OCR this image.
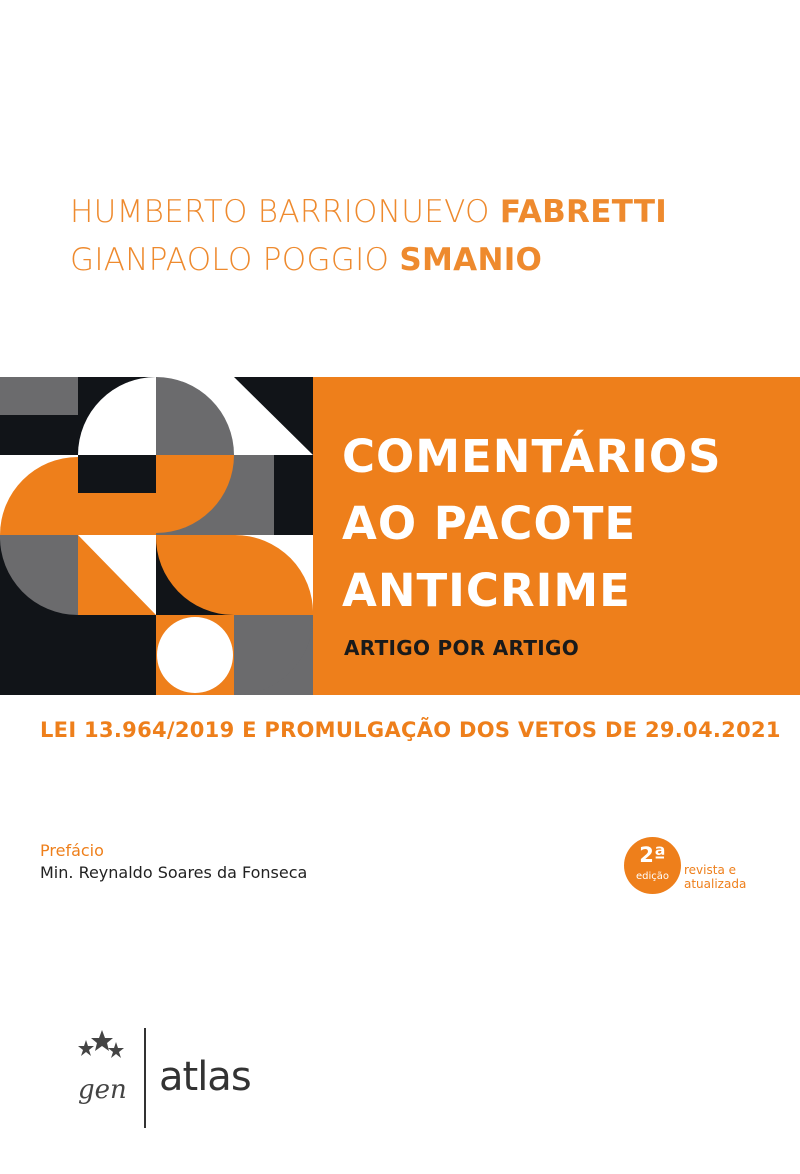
HUMBERTO BARRIONUEVO FABRETTI
GIANPAOLO POGGIO SMANIO
COMENTÁRIOS
AO PACOTE
ANTICRIME
ARTIGO POR ARTIGO
LEI 13.964/2019 E PROMULGAÇÃO DOS VETOS DE 29.04.2021
Prefácio
Min. Reynaldo Soares da Fonseca
2ª
edição	revista e
atualizada
gen atlas
